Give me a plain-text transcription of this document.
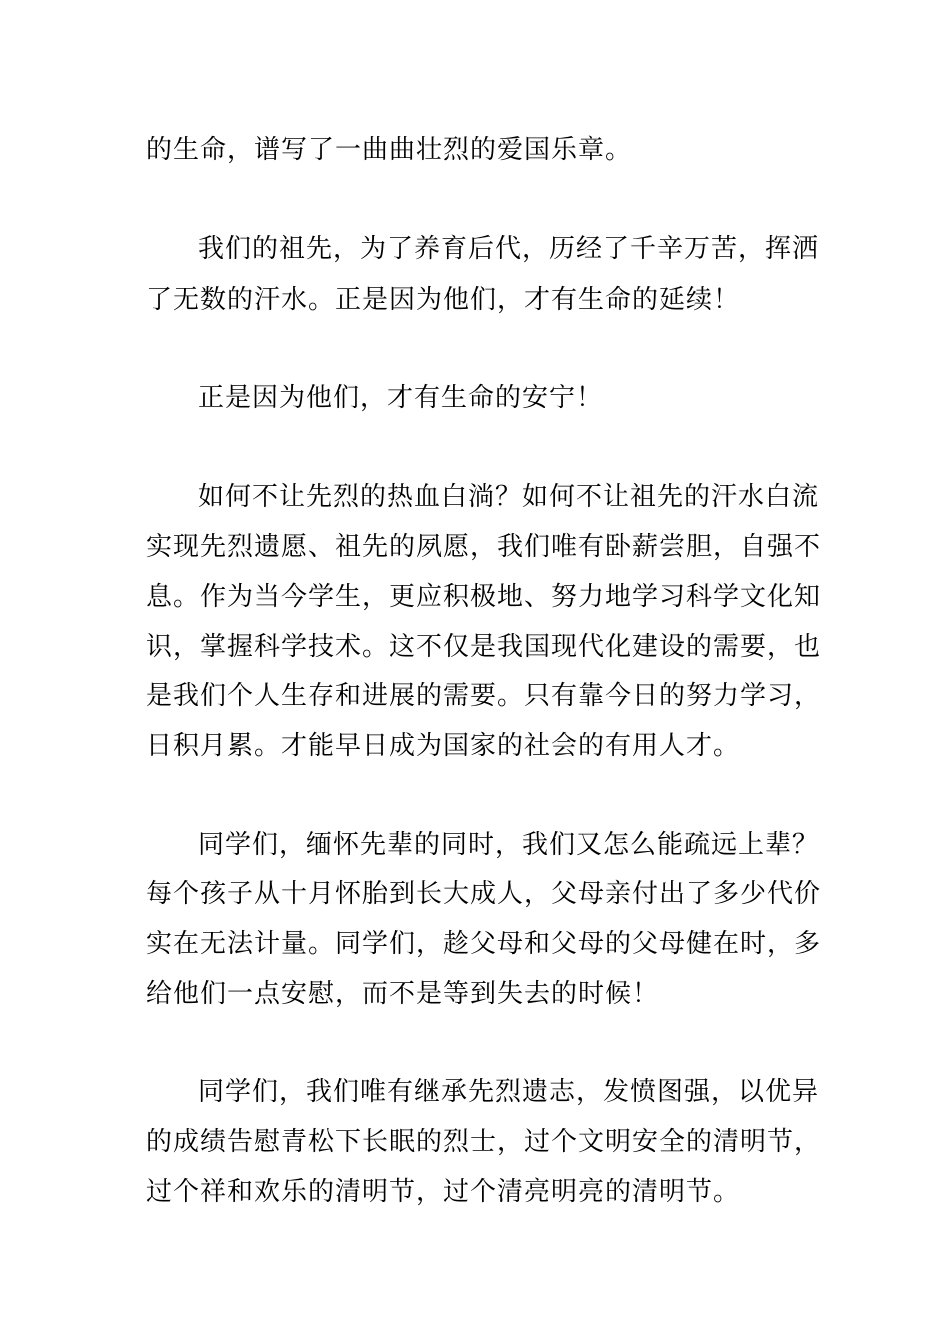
的生命，谱写了一曲曲壮烈的爱国乐章。
我们的祖先，为了养育后代，历经了千辛万苦，挥洒
了无数的汗水。正是因为他们，才有生命的延续！
正是因为他们，才有生命的安宁！
如何不让先烈的热血白淌？如何不让祖先的汗水白流
实现先烈遗愿、祖先的夙愿，我们唯有卧薪尝胆，自强不
息。作为当今学生，更应积极地、努力地学习科学文化知
识，掌握科学技术。这不仅是我国现代化建设的需要，也
是我们个人生存和进展的需要。只有靠今日的努力学习，
日积月累。才能早日成为国家的社会的有用人才。
同学们，缅怀先辈的同时，我们又怎么能疏远上辈？
每个孩子从十月怀胎到长大成人，父母亲付出了多少代价
实在无法计量。同学们，趁父母和父母的父母健在时，多
给他们一点安慰，而不是等到失去的时候！
同学们，我们唯有继承先烈遗志，发愤图强，以优异
的成绩告慰青松下长眠的烈士，过个文明安全的清明节，
过个祥和欢乐的清明节，过个清亮明亮的清明节。
